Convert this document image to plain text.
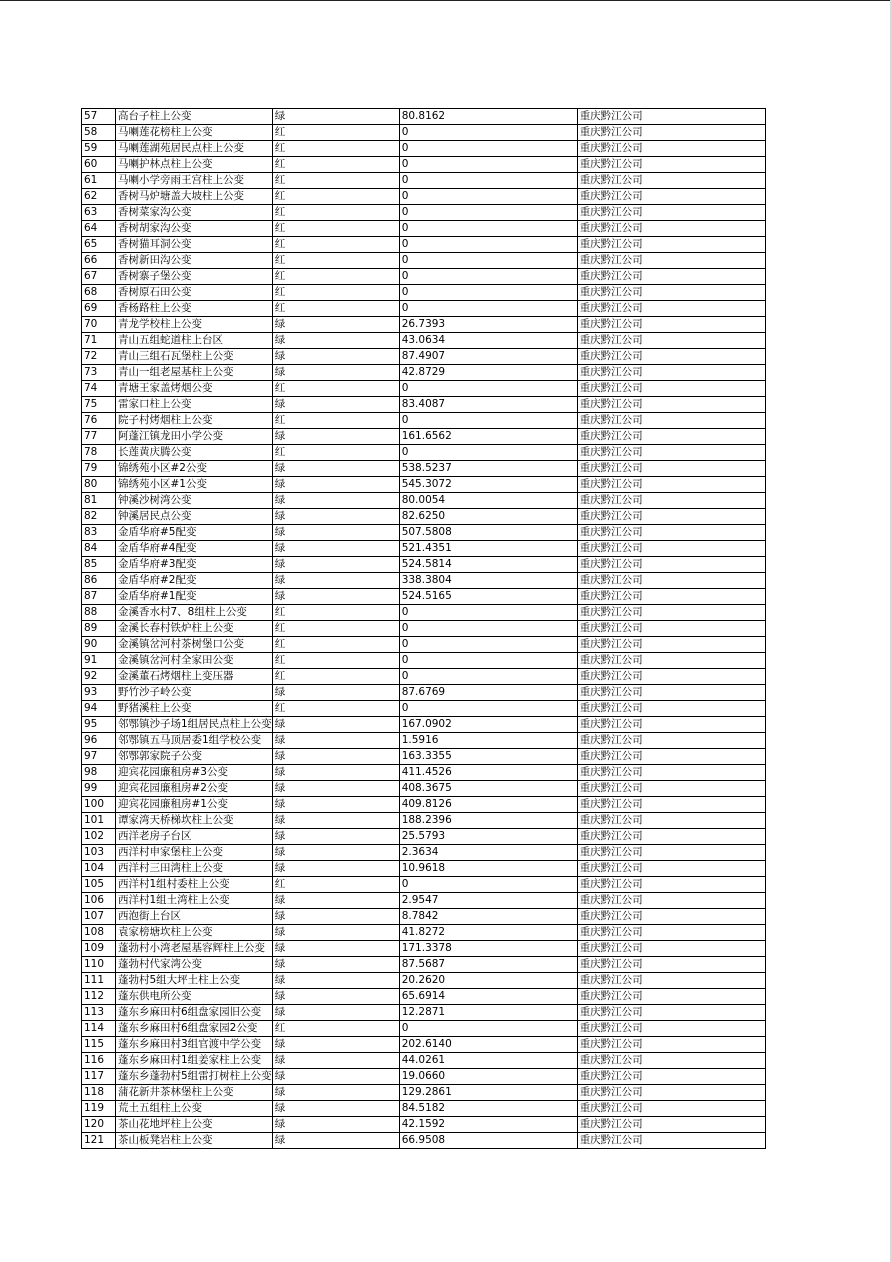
57	高台子柱上公变	绿	80.8162	重庆黔江公司
58	马喇莲花榜柱上公变	红	0	重庆黔江公司
59	马喇莲湖苑居民点柱上公变	红	0	重庆黔江公司
60	马喇护林点柱上公变	红	0	重庆黔江公司
61	马喇小学旁雨王宫柱上公变	红	0	重庆黔江公司
62	香树马炉塘盖大坡柱上公变	红	0	重庆黔江公司
63	香树菜家沟公变	红	0	重庆黔江公司
64	香树胡家沟公变	红	0	重庆黔江公司
65	香树猫耳洞公变	红	0	重庆黔江公司
66	香树新田沟公变	红	0	重庆黔江公司
67	香树寨子堡公变	红	0	重庆黔江公司
68	香树原石田公变	红	0	重庆黔江公司
69	香杨路柱上公变	红	0	重庆黔江公司
70	青龙学校柱上公变	绿	26.7393	重庆黔江公司
71	青山五组蛇道柱上台区	绿	43.0634	重庆黔江公司
72	青山三组石瓦堡柱上公变	绿	87.4907	重庆黔江公司
73	青山一组老屋基柱上公变	绿	42.8729	重庆黔江公司
74	青塘王家盖烤烟公变	红	0	重庆黔江公司
75	雷家口柱上公变	绿	83.4087	重庆黔江公司
76	院子村烤烟柱上公变	红	0	重庆黔江公司
77	阿蓬江镇龙田小学公变	绿	161.6562	重庆黔江公司
78	长莲黄庆腾公变	红	0	重庆黔江公司
79	锦绣苑小区#2公变	绿	538.5237	重庆黔江公司
80	锦绣苑小区#1公变	绿	545.3072	重庆黔江公司
81	钟溪沙树湾公变	绿	80.0054	重庆黔江公司
82	钟溪居民点公变	绿	82.6250	重庆黔江公司
83	金盾华府#5配变	绿	507.5808	重庆黔江公司
84	金盾华府#4配变	绿	521.4351	重庆黔江公司
85	金盾华府#3配变	绿	524.5814	重庆黔江公司
86	金盾华府#2配变	绿	338.3804	重庆黔江公司
87	金盾华府#1配变	绿	524.5165	重庆黔江公司
88	金溪香水村7、8组柱上公变	红	0	重庆黔江公司
89	金溪长春村铁炉柱上公变	红	0	重庆黔江公司
90	金溪镇岔河村茶树堡口公变	红	0	重庆黔江公司
91	金溪镇岔河村全家田公变	红	0	重庆黔江公司
92	金溪董石烤烟柱上变压器	红	0	重庆黔江公司
93	野竹沙子岭公变	绿	87.6769	重庆黔江公司
94	野猪溪柱上公变	红	0	重庆黔江公司
95	邻鄂镇沙子场1组居民点柱上公变	绿	167.0902	重庆黔江公司
96	邻鄂镇五马顶居委1组学校公变	绿	1.5916	重庆黔江公司
97	邻鄂郭家院子公变	绿	163.3355	重庆黔江公司
98	迎宾花园廉租房#3公变	绿	411.4526	重庆黔江公司
99	迎宾花园廉租房#2公变	绿	408.3675	重庆黔江公司
100	迎宾花园廉租房#1公变	绿	409.8126	重庆黔江公司
101	谭家湾天桥梯坎柱上公变	绿	188.2396	重庆黔江公司
102	西洋老房子台区	绿	25.5793	重庆黔江公司
103	西洋村申家堡柱上公变	绿	2.3634	重庆黔江公司
104	西洋村三田湾柱上公变	绿	10.9618	重庆黔江公司
105	西洋村1组村委柱上公变	红	0	重庆黔江公司
106	西洋村1组土湾柱上公变	绿	2.9547	重庆黔江公司
107	西泡街上台区	绿	8.7842	重庆黔江公司
108	袁家榜塘坎柱上公变	绿	41.8272	重庆黔江公司
109	蓬勃村小湾老屋基容辉柱上公变	绿	171.3378	重庆黔江公司
110	蓬勃村代家湾公变	绿	87.5687	重庆黔江公司
111	蓬勃村5组大坪土柱上公变	绿	20.2620	重庆黔江公司
112	蓬东供电所公变	绿	65.6914	重庆黔江公司
113	蓬东乡麻田村6组盘家园旧公变	绿	12.2871	重庆黔江公司
114	蓬东乡麻田村6组盘家园2公变	红	0	重庆黔江公司
115	蓬东乡麻田村3组官渡中学公变	绿	202.6140	重庆黔江公司
116	蓬东乡麻田村1组姜家柱上公变	绿	44.0261	重庆黔江公司
117	蓬东乡蓬勃村5组雷打树柱上公变	绿	19.0660	重庆黔江公司
118	蒲花新井茶林堡柱上公变	绿	129.2861	重庆黔江公司
119	荒土五组柱上公变	绿	84.5182	重庆黔江公司
120	茶山花地坪柱上公变	绿	42.1592	重庆黔江公司
121	茶山板凳岩柱上公变	绿	66.9508	重庆黔江公司
